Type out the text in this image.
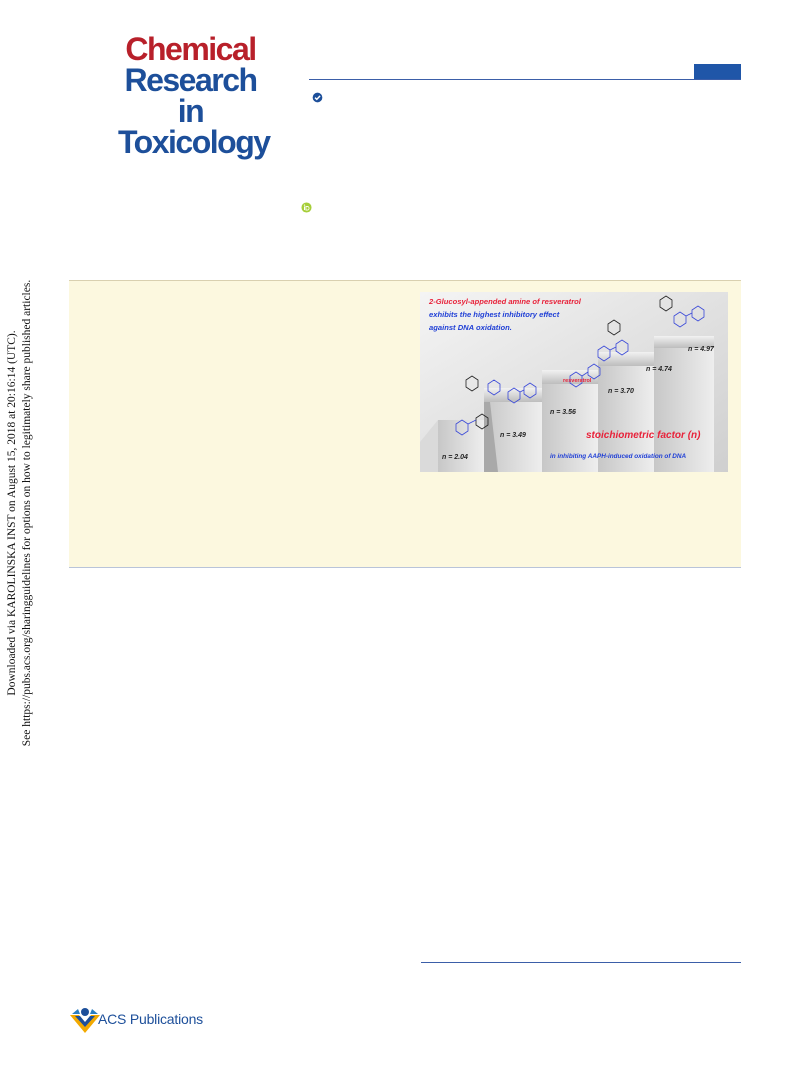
Chemical
Research in
Toxicology
Downloaded via KAROLINSKA INST on August 15, 2018 at 20:16:14 (UTC). See https://pubs.acs.org/sharingguidelines for options on how to legitimately share published articles.	2-Glucosyl-appended amine of resveratrol
exhibits the highest inhibitory effect
against DNA oxidation.
n = 2.04
n = 3.49
n = 3.56
n = 3.70
n = 4.74
n = 4.97
resveratrol
stoichiometric factor (n)
in inhibiting AAPH-induced oxidation of DNA
ACS Publications
